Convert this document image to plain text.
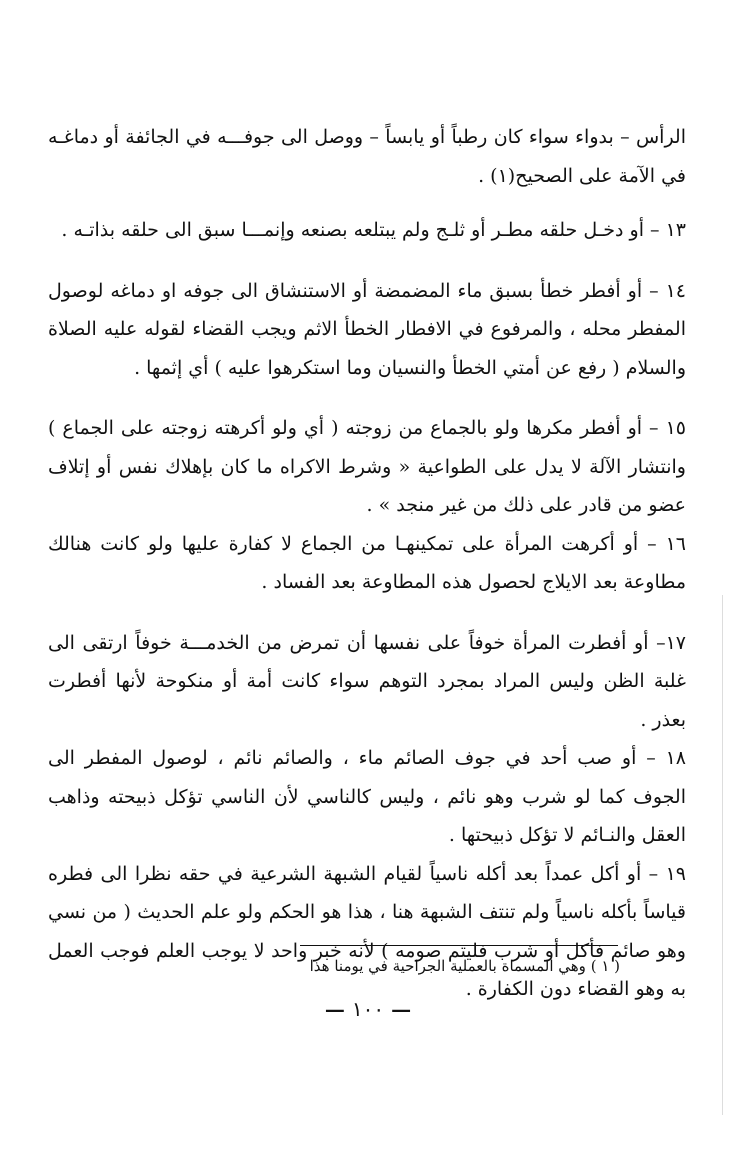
الرأس – بدواء سواء كان رطباً أو يابساً – ووصل الى جوفـــه في الجائفة أو دماغـه في الآمة على الصحيح(١) .

١٣ – أو دخـل حلقه مطـر أو ثلـج ولم يبتلعه بصنعه وإنمـــا سبق الى حلقه بذاتـه .

١٤ – أو أفطر خطأ بسبق ماء المضمضة أو الاستنشاق الى جوفه او دماغه لوصول المفطر محله ، والمرفوع في الافطار الخطأ الاثم ويجب القضاء لقوله عليه الصلاة والسلام ( رفع عن أمتي الخطأ والنسيان وما استكرهوا عليه ) أي إثمها .

١٥ – أو أفطر مكرها ولو بالجماع من زوجته ( أي ولو أكرهته زوجته على الجماع ) وانتشار الآلة لا يدل على الطواعية « وشرط الاكراه ما كان بإهلاك نفس أو إتلاف عضو من قادر على ذلك من غير منجد » .

١٦ – أو أكرهت المرأة على تمكينهـا من الجماع لا كفارة عليها ولو كانت هنالك مطاوعة بعد الايلاج لحصول هذه المطاوعة بعد الفساد .

١٧– أو أفطرت المرأة خوفاً على نفسها أن تمرض من الخدمـــة خوفاً ارتقى الى غلبة الظن وليس المراد بمجرد التوهم سواء كانت أمة أو منكوحة لأنها أفطرت بعذر .

١٨ – أو صب أحد في جوف الصائم ماء ، والصائم نائم ، لوصول المفطر الى الجوف كما لو شرب وهو نائم ، وليس كالناسي لأن الناسي تؤكل ذبيحته وذاهب العقل والنـائم لا تؤكل ذبيحتها .

١٩ – أو أكل عمداً بعد أكله ناسياً لقيام الشبهة الشرعية في حقه نظرا الى فطره قياساً بأكله ناسياً ولم تنتف الشبهة هنا ، هذا هو الحكم ولو علم الحديث ( من نسي وهو صائم فأكل أو شرب فليتم صومه ) لأنه خبر واحد لا يوجب العلم فوجب العمل به وهو القضاء دون الكفارة .

( ١ ) وهي المسماة بالعملية الجراحية في يومنا هذا
— ١٠٠ —
